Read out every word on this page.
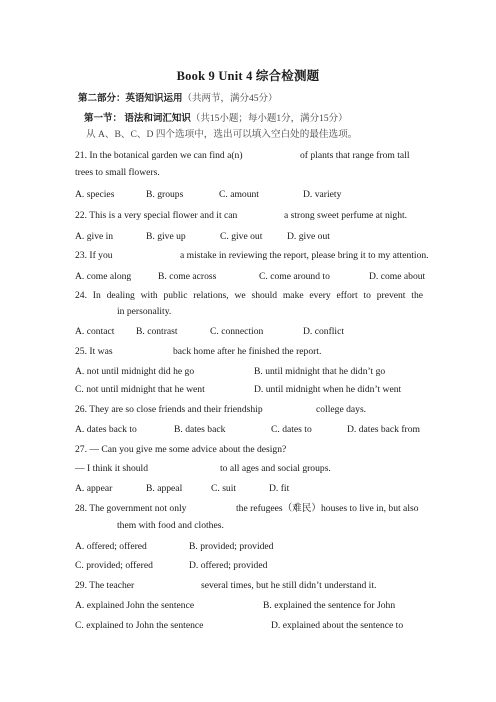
Book 9 Unit 4 综合检测题
第二部分：英语知识运用（共两节，满分45分）
第一节： 语法和词汇知识（共15小题；每小题1分，满分15分）
从 A、B、C、D 四个选项中，选出可以填入空白处的最佳选项。
21. In the botanical garden we can find a(n)	of plants that range from tall
trees to small flowers.
A. species	B. groups	C. amount	D. variety
22. This is a very special flower and it can	a strong sweet perfume at night.
A. give in	B. give up	C. give out	D. give out
23. If you	a mistake in reviewing the report, please bring it to my attention.
A. come along	B. come across	C. come around to	D. come about
24. In dealing with public relations, we should make every effort to prevent the
in personality.
A. contact B. contrast	C. connection	D. conflict
25. It was	back home after he finished the report.
A. not until midnight did he go	B. until midnight that he didn’t go
C. not until midnight that he went	D. until midnight when he didn’t went
26. They are so close friends and their friendship	college days.
A. dates back to	B. dates back	C. dates to	D. dates back from
27. — Can you give me some advice about the design?
— I think it should	to all ages and social groups.
A. appear	B. appeal	C. suit	D. fit
28. The government not only	the refugees（难民）houses to live in, but also
them with food and clothes.
A. offered; offered	B. provided; provided
C. provided; offered	D. offered; provided
29. The teacher	several times, but he still didn’t understand it.
A. explained John the sentence	B. explained the sentence for John
C. explained to John the sentence	D. explained about the sentence to
